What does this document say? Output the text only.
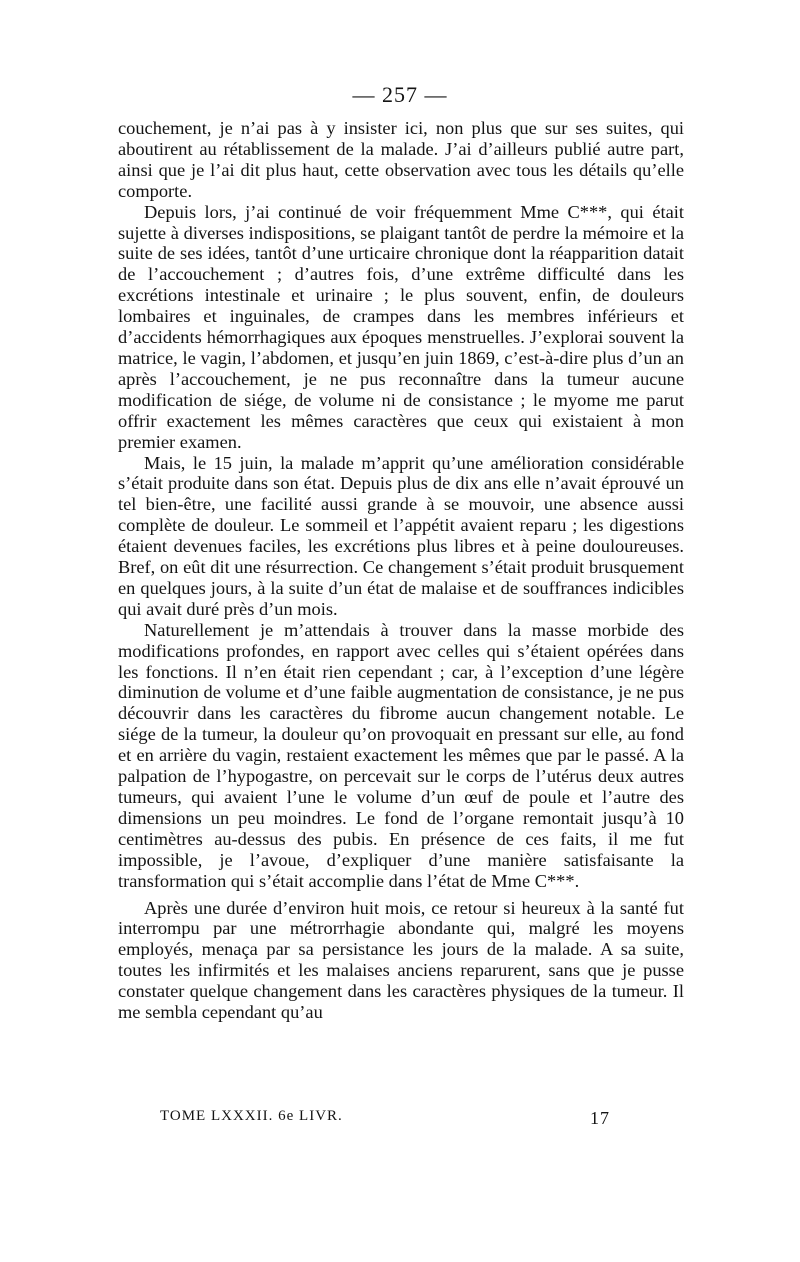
— 257 —

couchement, je n’ai pas à y insister ici, non plus que sur ses suites, qui aboutirent au rétablissement de la malade. J’ai d’ailleurs publié autre part, ainsi que je l’ai dit plus haut, cette observation avec tous les détails qu’elle comporte.

Depuis lors, j’ai continué de voir fréquemment Mme C***, qui était sujette à diverses indispositions, se plaigant tantôt de perdre la mémoire et la suite de ses idées, tantôt d’une urticaire chronique dont la réapparition datait de l’accouchement ; d’autres fois, d’une extrême difficulté dans les excrétions intestinale et urinaire ; le plus souvent, enfin, de douleurs lombaires et inguinales, de crampes dans les membres inférieurs et d’accidents hémorrhagiques aux époques menstruelles. J’explorai souvent la matrice, le vagin, l’abdomen, et jusqu’en juin 1869, c’est-à-dire plus d’un an après l’accouchement, je ne pus reconnaître dans la tumeur aucune modification de siége, de volume ni de consistance ; le myome me parut offrir exactement les mêmes caractères que ceux qui existaient à mon premier examen.

Mais, le 15 juin, la malade m’apprit qu’une amélioration considérable s’était produite dans son état. Depuis plus de dix ans elle n’avait éprouvé un tel bien-être, une facilité aussi grande à se mouvoir, une absence aussi complète de douleur. Le sommeil et l’appétit avaient reparu ; les digestions étaient devenues faciles, les excrétions plus libres et à peine douloureuses. Bref, on eût dit une résurrection. Ce changement s’était produit brusquement en quelques jours, à la suite d’un état de malaise et de souffrances indicibles qui avait duré près d’un mois.

Naturellement je m’attendais à trouver dans la masse morbide des modifications profondes, en rapport avec celles qui s’étaient opérées dans les fonctions. Il n’en était rien cependant ; car, à l’exception d’une légère diminution de volume et d’une faible augmentation de consistance, je ne pus découvrir dans les caractères du fibrome aucun changement notable. Le siége de la tumeur, la douleur qu’on provoquait en pressant sur elle, au fond et en arrière du vagin, restaient exactement les mêmes que par le passé. A la palpation de l’hypogastre, on percevait sur le corps de l’utérus deux autres tumeurs, qui avaient l’une le volume d’un œuf de poule et l’autre des dimensions un peu moindres. Le fond de l’organe remontait jusqu’à 10 centimètres au-dessus des pubis. En présence de ces faits, il me fut impossible, je l’avoue, d’expliquer d’une manière satisfaisante la transformation qui s’était accomplie dans l’état de Mme C***.

Après une durée d’environ huit mois, ce retour si heureux à la santé fut interrompu par une métrorrhagie abondante qui, malgré les moyens employés, menaça par sa persistance les jours de la malade. A sa suite, toutes les infirmités et les malaises anciens reparurent, sans que je pusse constater quelque changement dans les caractères physiques de la tumeur. Il me sembla cependant qu’au

TOME LXXXII. 6e LIVR.	17
